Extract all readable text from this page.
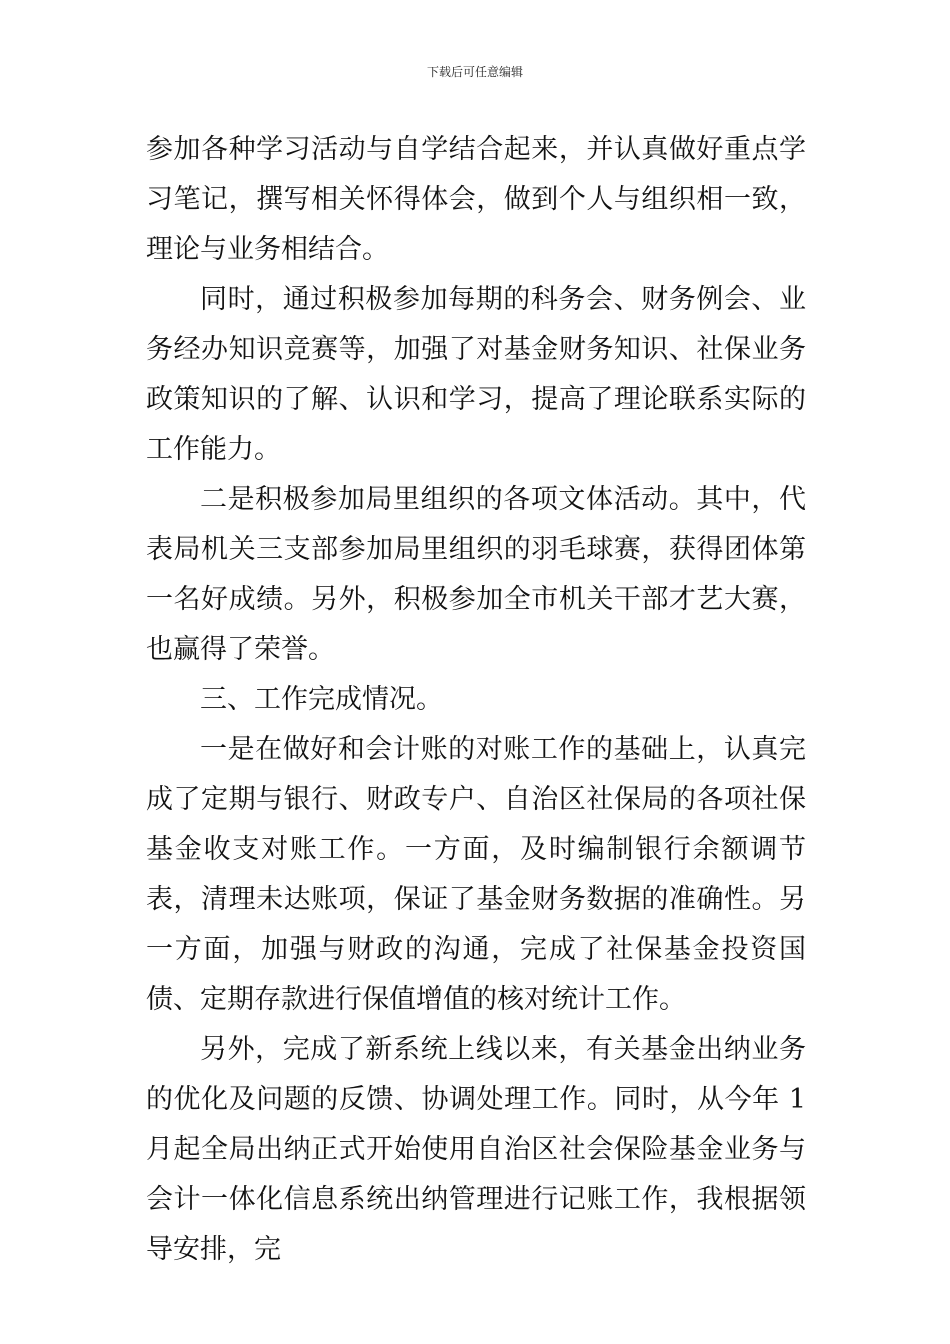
下载后可任意编辑

参加各种学习活动与自学结合起来，并认真做好重点学习笔记，撰写相关怀得体会，做到个人与组织相一致，理论与业务相结合。

同时，通过积极参加每期的科务会、财务例会、业务经办知识竞赛等，加强了对基金财务知识、社保业务政策知识的了解、认识和学习，提高了理论联系实际的工作能力。

二是积极参加局里组织的各项文体活动。其中，代表局机关三支部参加局里组织的羽毛球赛，获得团体第一名好成绩。另外，积极参加全市机关干部才艺大赛，也赢得了荣誉。

三、工作完成情况。

一是在做好和会计账的对账工作的基础上，认真完成了定期与银行、财政专户、自治区社保局的各项社保基金收支对账工作。一方面，及时编制银行余额调节表，清理未达账项，保证了基金财务数据的准确性。另一方面，加强与财政的沟通，完成了社保基金投资国债、定期存款进行保值增值的核对统计工作。

另外，完成了新系统上线以来，有关基金出纳业务的优化及问题的反馈、协调处理工作。同时，从今年 1 月起全局出纳正式开始使用自治区社会保险基金业务与会计一体化信息系统出纳管理进行记账工作，我根据领导安排，完
